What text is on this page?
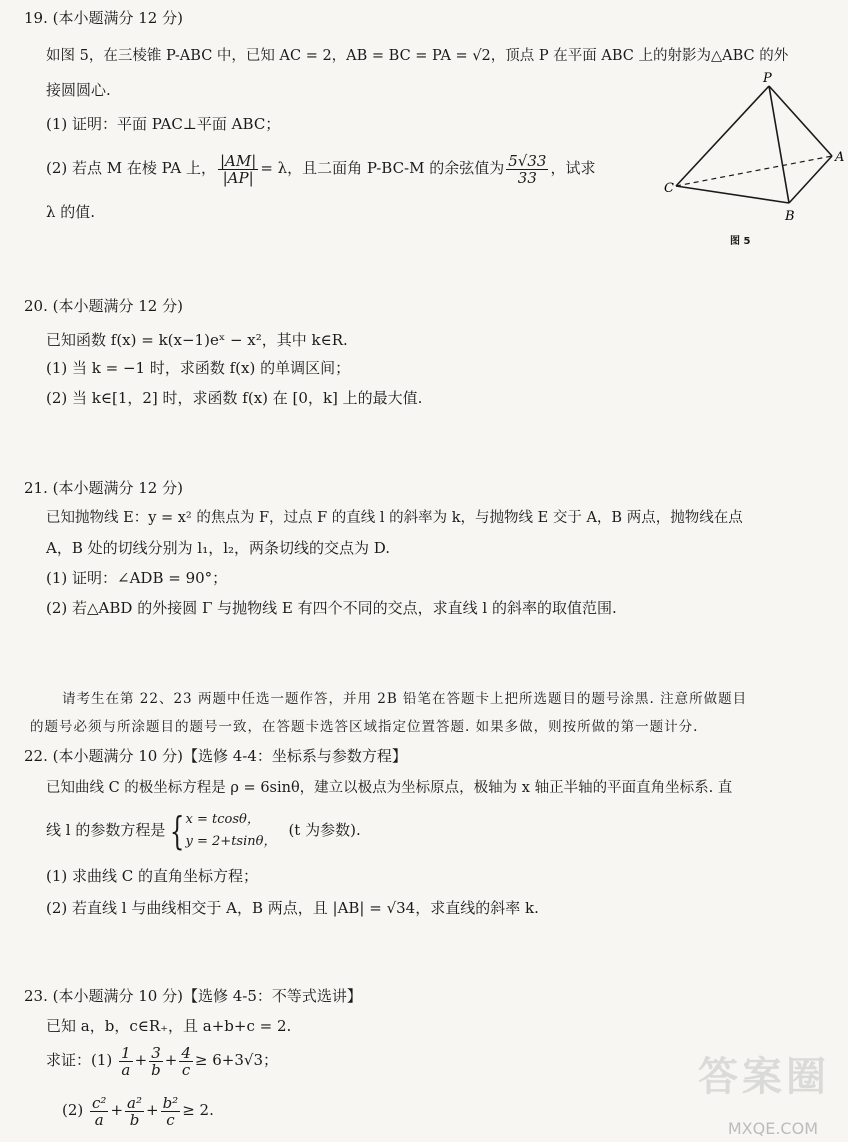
19. (本小题满分 12 分)
如图 5，在三棱锥 P-ABC 中，已知 AC = 2，AB = BC = PA = √2，顶点 P 在平面 ABC 上的射影为△ABC 的外
接圆圆心.
(1) 证明：平面 PAC⊥平面 ABC；
(2) 若点 M 在棱 PA 上， $\frac{|AM|}{|AP|} = \lambda$，且二面角 P-BC-M 的余弦值为 $\frac{5√33}{33}$ ，试求
λ 的值.
P
A
B
C
图 5
20. (本小题满分 12 分)
已知函数 f(x) = k(x−1)eˣ − x²，其中 k∈R.
(1) 当 k = −1 时，求函数 f(x) 的单调区间；
(2) 当 k∈[1，2] 时，求函数 f(x) 在 [0，k] 上的最大值.
21. (本小题满分 12 分)
已知抛物线 E：y = x² 的焦点为 F，过点 F 的直线 l 的斜率为 k，与抛物线 E 交于 A，B 两点，抛物线在点
A，B 处的切线分别为 l₁，l₂，两条切线的交点为 D.
(1) 证明：∠ADB = 90°；
(2) 若△ABD 的外接圆 Γ 与抛物线 E 有四个不同的交点，求直线 l 的斜率的取值范围.
请考生在第 22、23 两题中任选一题作答，并用 2B 铅笔在答题卡上把所选题目的题号涂黑. 注意所做题目
的题号必须与所涂题目的题号一致，在答题卡选答区域指定位置答题. 如果多做，则按所做的第一题计分.
22. (本小题满分 10 分)【选修 4-4：坐标系与参数方程】
已知曲线 C 的极坐标方程是 ρ = 6sinθ，建立以极点为坐标原点，极轴为 x 轴正半轴的平面直角坐标系. 直
线 l 的参数方程是 { x = tcosθ，
y = 2+tsinθ，
(t 为参数).
(1) 求曲线 C 的直角坐标方程；
(2) 若直线 l 与曲线相交于 A，B 两点，且 |AB| = √34，求直线的斜率 k.
23. (本小题满分 10 分)【选修 4-5：不等式选讲】
已知 a，b，c∈R₊，且 a+b+c = 2.
求证：$(1) \frac{1}{a} + \frac{3}{b} + \frac{4}{c} \ge 6+3√3$；
$(2) \frac{\text{c²}}{a} + \frac{\text{a²}}{b} + \frac{\text{b²}}{c} \ge 2$.
答案圈
MXQE.COM
